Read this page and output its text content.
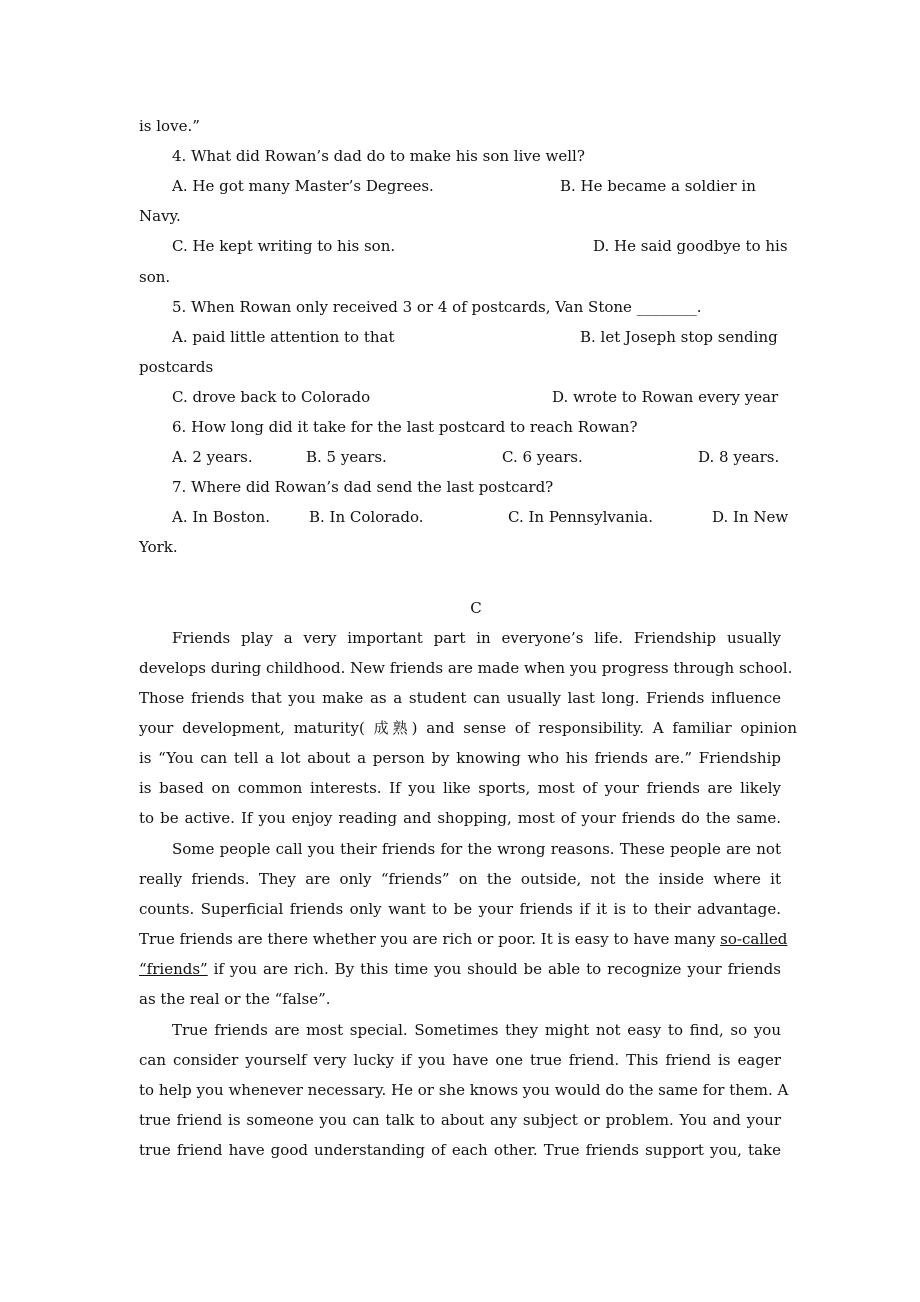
is love.”
4. What did Rowan’s dad do to make his son live well?
A. He got many Master’s Degrees.	B. He became a soldier in
Navy.
C. He kept writing to his son.	D. He said goodbye to his
son.
5. When Rowan only received 3 or 4 of postcards, Van Stone ________.
A. paid little attention to that	B. let Joseph stop sending
postcards
C. drove back to Colorado	D. wrote to Rowan every year
6. How long did it take for the last postcard to reach Rowan?
A. 2 years.	B. 5 years.	C. 6 years.	D. 8 years.
7. Where did Rowan’s dad send the last postcard?
A. In Boston.	B. In Colorado.	C. In Pennsylvania.	D. In New
York.
C
Friends play a very important part in everyone’s life. Friendship usually
develops during childhood. New friends are made when you progress through school.
Those friends that you make as a student can usually last long. Friends influence
your development, maturity( 成熟) and sense of responsibility. A familiar opinion
is “You can tell a lot about a person by knowing who his friends are.” Friendship
is based on common interests. If you like sports, most of your friends are likely
to be active. If you enjoy reading and shopping, most of your friends do the same.
Some people call you their friends for the wrong reasons. These people are not
really friends. They are only “friends” on the outside, not the inside where it
counts. Superficial friends only want to be your friends if it is to their advantage.
True friends are there whether you are rich or poor. It is easy to have many so-called
“friends” if you are rich. By this time you should be able to recognize your friends
as the real or the “false”.
True friends are most special. Sometimes they might not easy to find, so you
can consider yourself very lucky if you have one true friend. This friend is eager
to help you whenever necessary. He or she knows you would do the same for them. A
true friend is someone you can talk to about any subject or problem. You and your
true friend have good understanding of each other. True friends support you, take
